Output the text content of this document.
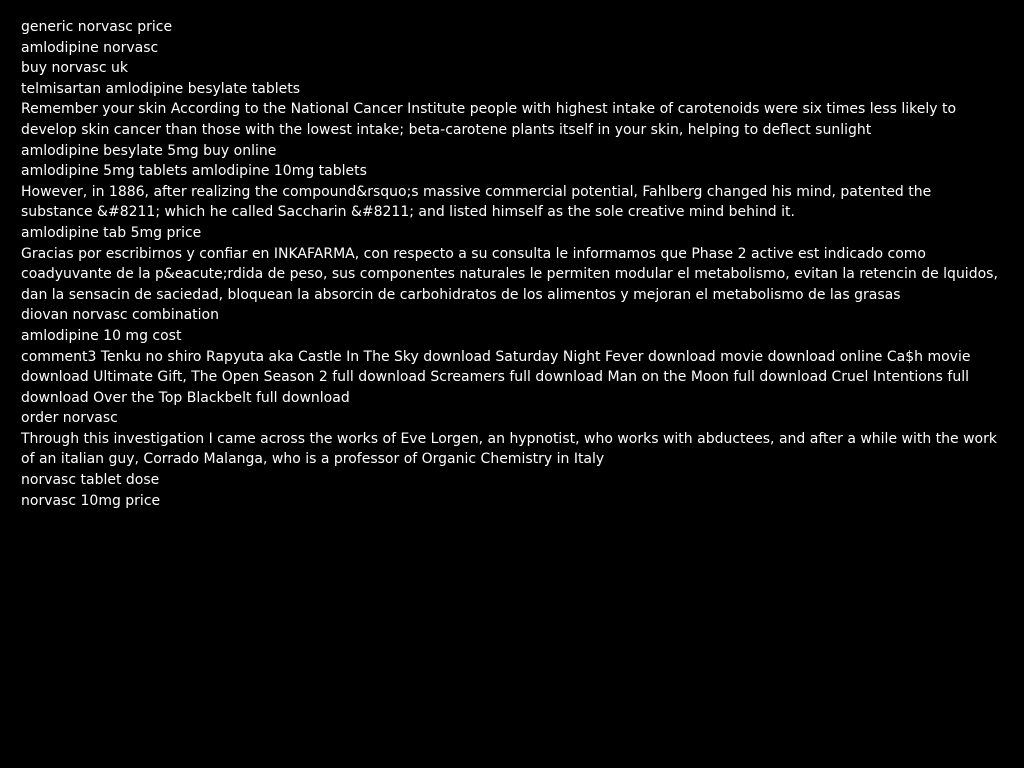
generic norvasc price

amlodipine norvasc

buy norvasc uk

telmisartan amlodipine besylate tablets

Remember your skin According to the National Cancer Institute people with highest intake of carotenoids were six times less likely to develop skin cancer than those with the lowest intake; beta-carotene plants itself in your skin, helping to deflect sunlight

amlodipine besylate 5mg buy online

amlodipine 5mg tablets amlodipine 10mg tablets

However, in 1886, after realizing the compound&rsquo;s massive commercial potential, Fahlberg changed his mind, patented the substance &#8211; which he called Saccharin &#8211; and listed himself as the sole creative mind behind it.

amlodipine tab 5mg price

Gracias por escribirnos y confiar en INKAFARMA, con respecto a su consulta le informamos que Phase 2 active est indicado como coadyuvante de la p&eacute;rdida de peso, sus componentes naturales le permiten modular el metabolismo, evitan la retencin de lquidos, dan la sensacin de saciedad, bloquean la absorcin de carbohidratos de los alimentos y mejoran el metabolismo de las grasas

diovan norvasc combination

amlodipine 10 mg cost

comment3 Tenku no shiro Rapyuta aka Castle In The Sky download Saturday Night Fever download movie download online Ca$h movie download Ultimate Gift, The Open Season 2 full download Screamers full download Man on the Moon full download Cruel Intentions full download Over the Top Blackbelt full download

order norvasc

Through this investigation I came across the works of Eve Lorgen, an hypnotist, who works with abductees, and after a while with the work of an italian guy, Corrado Malanga, who is a professor of Organic Chemistry in Italy

norvasc tablet dose

norvasc 10mg price
